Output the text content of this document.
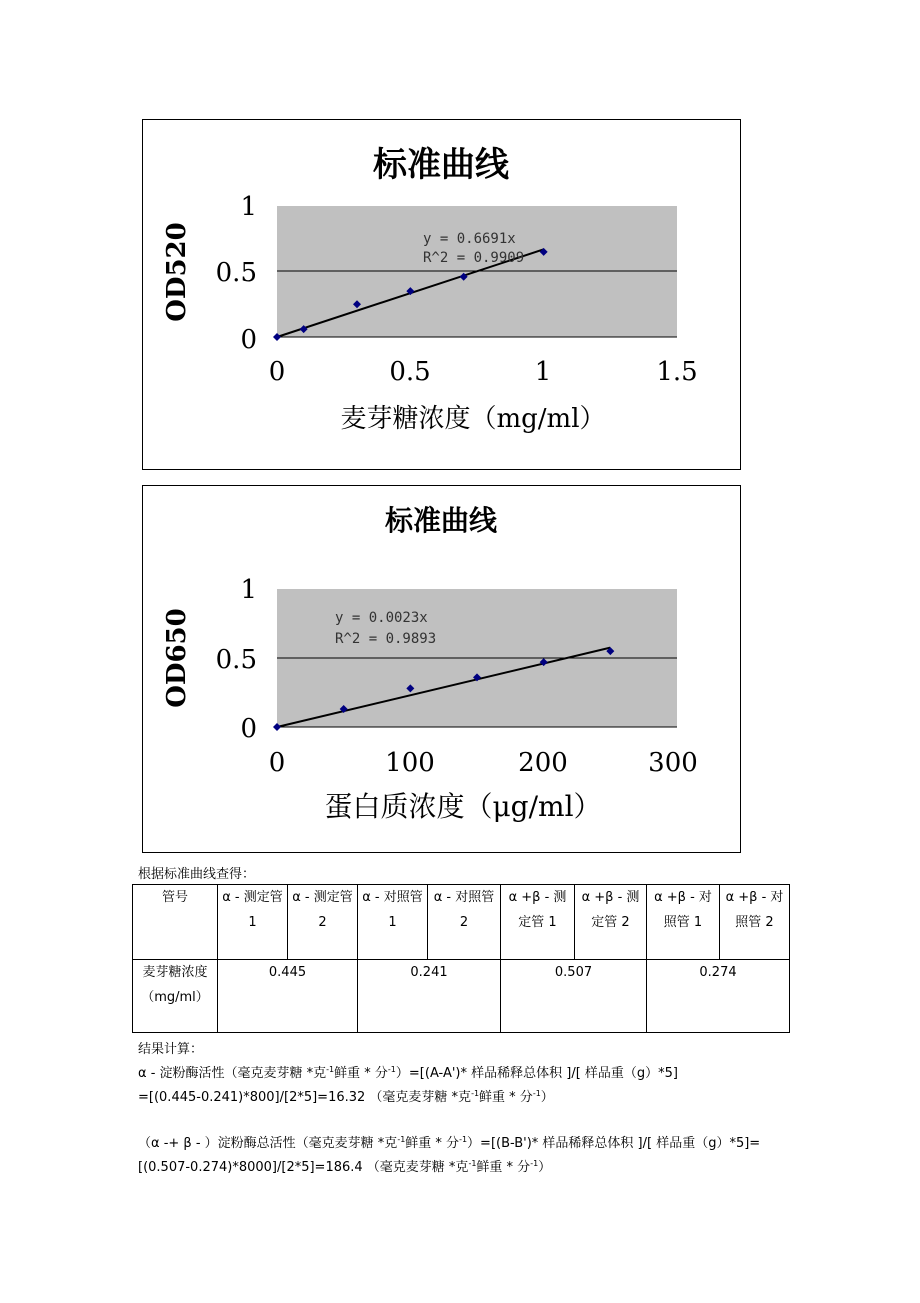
标准曲线
OD520
0
0.5
1
0	0.5	1	1.5
y = 0.6691x
R^2 = 0.9909
麦芽糖浓度（mg/ml）
标准曲线
OD650
0
0.5
1
0	100	200	300
y = 0.0023x
R^2 = 0.9893
蛋白质浓度（μg/ml）
根据标准曲线查得：
管号	α - 测定管 1	α - 测定管 2	α - 对照管 1	α - 对照管 2	α +β - 测定管 1	α +β - 测定管 2	α +β - 对照管 1	α +β - 对照管 2
麦芽糖浓度（mg/ml）	0.445		0.241		0.507		0.274	

结果计算：

α - 淀粉酶活性（毫克麦芽糖 *克$^{-1}$鲜重 * 分$^{-1}$）=[(A-A')* 样品稀释总体积 ]/[ 样品重（g）*5]

=[(0.445-0.241)*800]/[2*5]=16.32 （毫克麦芽糖 *克$^{-1}$鲜重 * 分$^{-1}$）

（α -+ β - ）淀粉酶总活性（毫克麦芽糖 *克$^{-1}$鲜重 * 分$^{-1}$）=[(B-B')* 样品稀释总体积 ]/[ 样品重（g）*5]=[(0.507-0.274)*8000]/[2*5]=186.4 （毫克麦芽糖 *克$^{-1}$鲜重 * 分$^{-1}$）
